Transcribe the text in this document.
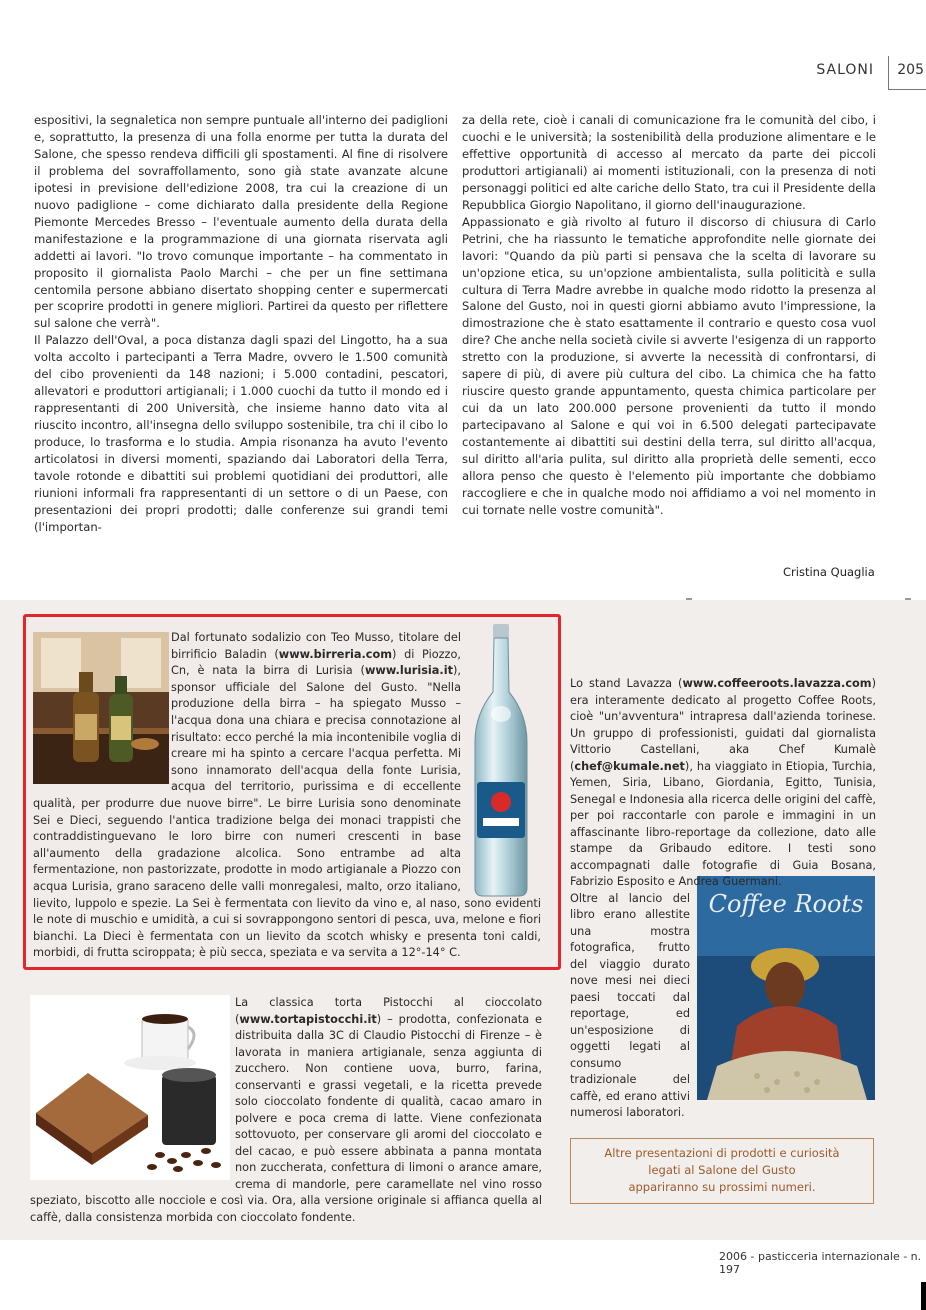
SALONI 205

espositivi, la segnaletica non sempre puntuale all'interno dei padiglioni e, soprattutto, la presenza di una folla enorme per tutta la durata del Salone, che spesso rendeva difficili gli spostamenti. Al fine di risolvere il problema del sovraffollamento, sono già state avanzate alcune ipotesi in previsione dell'edizione 2008, tra cui la creazione di un nuovo padiglione – come dichiarato dalla presidente della Regione Piemonte Mercedes Bresso – l'eventuale aumento della durata della manifestazione e la programmazione di una giornata riservata agli addetti ai lavori. "Io trovo comunque importante – ha commentato in proposito il giornalista Paolo Marchi – che per un fine settimana centomila persone abbiano disertato shopping center e supermercati per scoprire prodotti in genere migliori. Partirei da questo per riflettere sul salone che verrà".

Il Palazzo dell'Oval, a poca distanza dagli spazi del Lingotto, ha a sua volta accolto i partecipanti a Terra Madre, ovvero le 1.500 comunità del cibo provenienti da 148 nazioni; i 5.000 contadini, pescatori, allevatori e produttori artigianali; i 1.000 cuochi da tutto il mondo ed i rappresentanti di 200 Università, che insieme hanno dato vita al riuscito incontro, all'insegna dello sviluppo sostenibile, tra chi il cibo lo produce, lo trasforma e lo studia. Ampia risonanza ha avuto l'evento articolatosi in diversi momenti, spaziando dai Laboratori della Terra, tavole rotonde e dibattiti sui problemi quotidiani dei produttori, alle riunioni informali fra rappresentanti di un settore o di un Paese, con presentazioni dei propri prodotti; dalle conferenze sui grandi temi (l'importan-

za della rete, cioè i canali di comunicazione fra le comunità del cibo, i cuochi e le università; la sostenibilità della produzione alimentare e le effettive opportunità di accesso al mercato da parte dei piccoli produttori artigianali) ai momenti istituzionali, con la presenza di noti personaggi politici ed alte cariche dello Stato, tra cui il Presidente della Repubblica Giorgio Napolitano, il giorno dell'inaugurazione.

Appassionato e già rivolto al futuro il discorso di chiusura di Carlo Petrini, che ha riassunto le tematiche approfondite nelle giornate dei lavori: "Quando da più parti si pensava che la scelta di lavorare su un'opzione etica, su un'opzione ambientalista, sulla politicità e sulla cultura di Terra Madre avrebbe in qualche modo ridotto la presenza al Salone del Gusto, noi in questi giorni abbiamo avuto l'impressione, la dimostrazione che è stato esattamente il contrario e questo cosa vuol dire? Che anche nella società civile si avverte l'esigenza di un rapporto stretto con la produzione, si avverte la necessità di confrontarsi, di sapere di più, di avere più cultura del cibo. La chimica che ha fatto riuscire questo grande appuntamento, questa chimica particolare per cui da un lato 200.000 persone provenienti da tutto il mondo partecipavano al Salone e qui voi in 6.500 delegati partecipavate costantemente ai dibattiti sui destini della terra, sul diritto all'acqua, sul diritto all'aria pulita, sul diritto alla proprietà delle sementi, ecco allora penso che questo è l'elemento più importante che dobbiamo raccogliere e che in qualche modo noi affidiamo a voi nel momento in cui tornate nelle vostre comunità".

Cristina Quaglia
Dal fortunato sodalizio con Teo Musso, titolare del birrificio Baladin (www.birreria.com) di Piozzo, Cn, è nata la birra di Lurisia (www.lurisia.it), sponsor ufficiale del Salone del Gusto. "Nella produzione della birra – ha spiegato Musso – l'acqua dona una chiara e precisa connotazione al risultato: ecco perché la mia incontenibile voglia di creare mi ha spinto a cercare l'acqua perfetta. Mi sono innamorato dell'acqua della fonte Lurisia, acqua del territorio, purissima e di eccellente qualità, per produrre due nuove birre". Le birre Lurisia sono denominate Sei e Dieci, seguendo l'antica tradizione belga dei monaci trappisti che contraddistinguevano le loro birre con numeri crescenti in base all'aumento della gradazione alcolica. Sono entrambe ad alta fermentazione, non pastorizzate, prodotte in modo artigianale a Piozzo con acqua Lurisia, grano saraceno delle valli monregalesi, malto, orzo italiano, lievito, luppolo e spezie. La Sei è fermentata con lievito da vino e, al naso, sono evidenti le note di muschio e umidità, a cui si sovrappongono sentori di pesca, uva, melone e fiori bianchi. La Dieci è fermentata con un lievito da scotch whisky e presenta toni caldi, morbidi, di frutta sciroppata; è più secca, speziata e va servita a 12°-14° C.
La classica torta Pistocchi al cioccolato (www.tortapistocchi.it) – prodotta, confezionata e distribuita dalla 3C di Claudio Pistocchi di Firenze – è lavorata in maniera artigianale, senza aggiunta di zucchero. Non contiene uova, burro, farina, conservanti e grassi vegetali, e la ricetta prevede solo cioccolato fondente di qualità, cacao amaro in polvere e poca crema di latte. Viene confezionata sottovuoto, per conservare gli aromi del cioccolato e del cacao, e può essere abbinata a panna montata non zuccherata, confettura di limoni o arance amare, crema di mandorle, pere caramellate nel vino rosso speziato, biscotto alle nocciole e così via. Ora, alla versione originale si affianca quella al caffè, dalla consistenza morbida con cioccolato fondente.
Coffee Roots

Lo stand Lavazza (www.coffeeroots.lavazza.com) era interamente dedicato al progetto Coffee Roots, cioè "un'avventura" intrapresa dall'azienda torinese. Un gruppo di professionisti, guidati dal giornalista Vittorio Castellani, aka Chef Kumalè (chef@kumale.net), ha viaggiato in Etiopia, Turchia, Yemen, Siria, Libano, Giordania, Egitto, Tunisia, Senegal e Indonesia alla ricerca delle origini del caffè, per poi raccontarle con parole e immagini in un affascinante libro-reportage da collezione, dato alle stampe da Gribaudo editore. I testi sono accompagnati dalle fotografie di Guia Bosana, Fabrizio Esposito e Andrea Guermani.

Oltre al lancio del libro erano allestite una mostra fotografica, frutto del viaggio durato nove mesi nei dieci paesi toccati dal reportage, ed un'esposizione di oggetti legati al consumo tradizionale del caffè, ed erano attivi numerosi laboratori.

Altre presentazioni di prodotti e curiosità
legati al Salone del Gusto
appariranno su prossimi numeri.
2006 - pasticceria internazionale - n. 197
